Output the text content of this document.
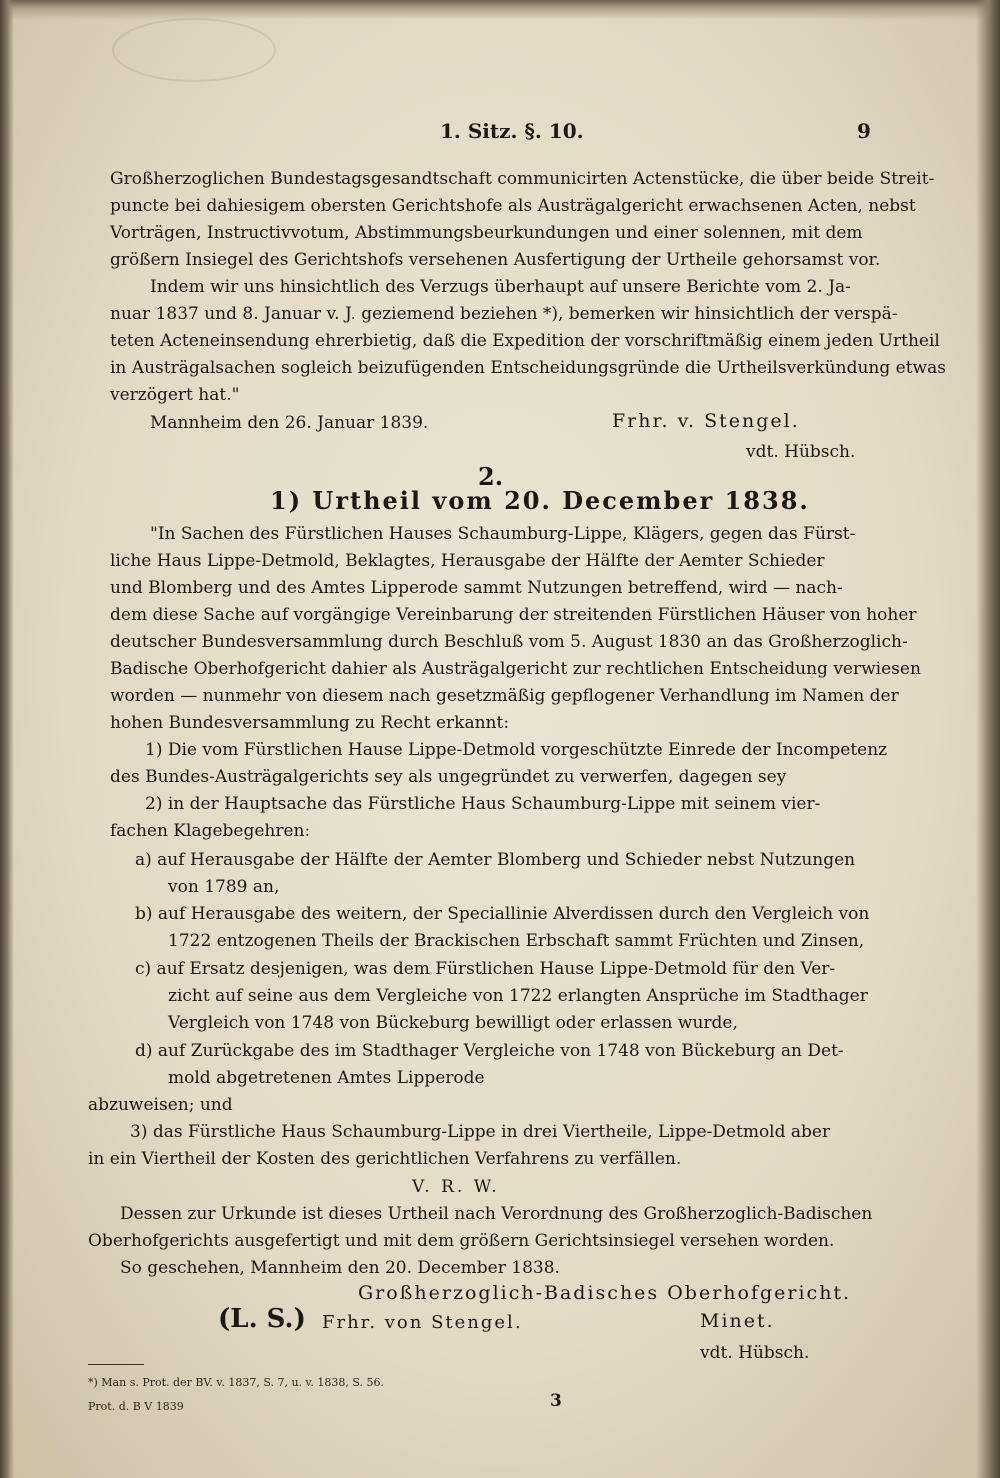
1. Sitz. §. 10.	9
Großherzoglichen Bundestagsgesandtschaft communicirten Actenstücke, die über beide Streit-
puncte bei dahiesigem obersten Gerichtshofe als Austrägalgericht erwachsenen Acten, nebst
Vorträgen, Instructivvotum, Abstimmungsbeurkundungen und einer solennen, mit dem
größern Insiegel des Gerichtshofs versehenen Ausfertigung der Urtheile gehorsamst vor.
Indem wir uns hinsichtlich des Verzugs überhaupt auf unsere Berichte vom 2. Ja-
nuar 1837 und 8. Januar v. J. geziemend beziehen *), bemerken wir hinsichtlich der verspä-
teten Acteneinsendung ehrerbietig, daß die Expedition der vorschriftmäßig einem jeden Urtheil
in Austrägalsachen sogleich beizufügenden Entscheidungsgründe die Urtheilsverkündung etwas
verzögert hat."
Mannheim den 26. Januar 1839.	Frhr. v. Stengel.
vdt. Hübsch.
2.
1) Urtheil vom 20. December 1838.
"In Sachen des Fürstlichen Hauses Schaumburg-Lippe, Klägers, gegen das Fürst-
liche Haus Lippe-Detmold, Beklagtes, Herausgabe der Hälfte der Aemter Schieder
und Blomberg und des Amtes Lipperode sammt Nutzungen betreffend, wird — nach-
dem diese Sache auf vorgängige Vereinbarung der streitenden Fürstlichen Häuser von hoher
deutscher Bundesversammlung durch Beschluß vom 5. August 1830 an das Großherzoglich-
Badische Oberhofgericht dahier als Austrägalgericht zur rechtlichen Entscheidung verwiesen
worden — nunmehr von diesem nach gesetzmäßig gepflogener Verhandlung im Namen der
hohen Bundesversammlung zu Recht erkannt:
1) Die vom Fürstlichen Hause Lippe-Detmold vorgeschützte Einrede der Incompetenz
des Bundes-Austrägalgerichts sey als ungegründet zu verwerfen, dagegen sey
2) in der Hauptsache das Fürstliche Haus Schaumburg-Lippe mit seinem vier-
fachen Klagebegehren:
a) auf Herausgabe der Hälfte der Aemter Blomberg und Schieder nebst Nutzungen
von 1789 an,
b) auf Herausgabe des weitern, der Speciallinie Alverdissen durch den Vergleich von
1722 entzogenen Theils der Brackischen Erbschaft sammt Früchten und Zinsen,
c) auf Ersatz desjenigen, was dem Fürstlichen Hause Lippe-Detmold für den Ver-
zicht auf seine aus dem Vergleiche von 1722 erlangten Ansprüche im Stadthager
Vergleich von 1748 von Bückeburg bewilligt oder erlassen wurde,
d) auf Zurückgabe des im Stadthager Vergleiche von 1748 von Bückeburg an Det-
mold abgetretenen Amtes Lipperode
abzuweisen; und
3) das Fürstliche Haus Schaumburg-Lippe in drei Viertheile, Lippe-Detmold aber
in ein Viertheil der Kosten des gerichtlichen Verfahrens zu verfällen.
V. R. W.
Dessen zur Urkunde ist dieses Urtheil nach Verordnung des Großherzoglich-Badischen
Oberhofgerichts ausgefertigt und mit dem größern Gerichtsinsiegel versehen worden.
So geschehen, Mannheim den 20. December 1838.
Großherzoglich-Badisches Oberhofgericht.
(L. S.) Frhr. von Stengel.	Minet.
vdt. Hübsch.
*) Man s. Prot. der BV. v. 1837, S. 7, u. v. 1838, S. 56.
Prot. d. B V 1839	3
